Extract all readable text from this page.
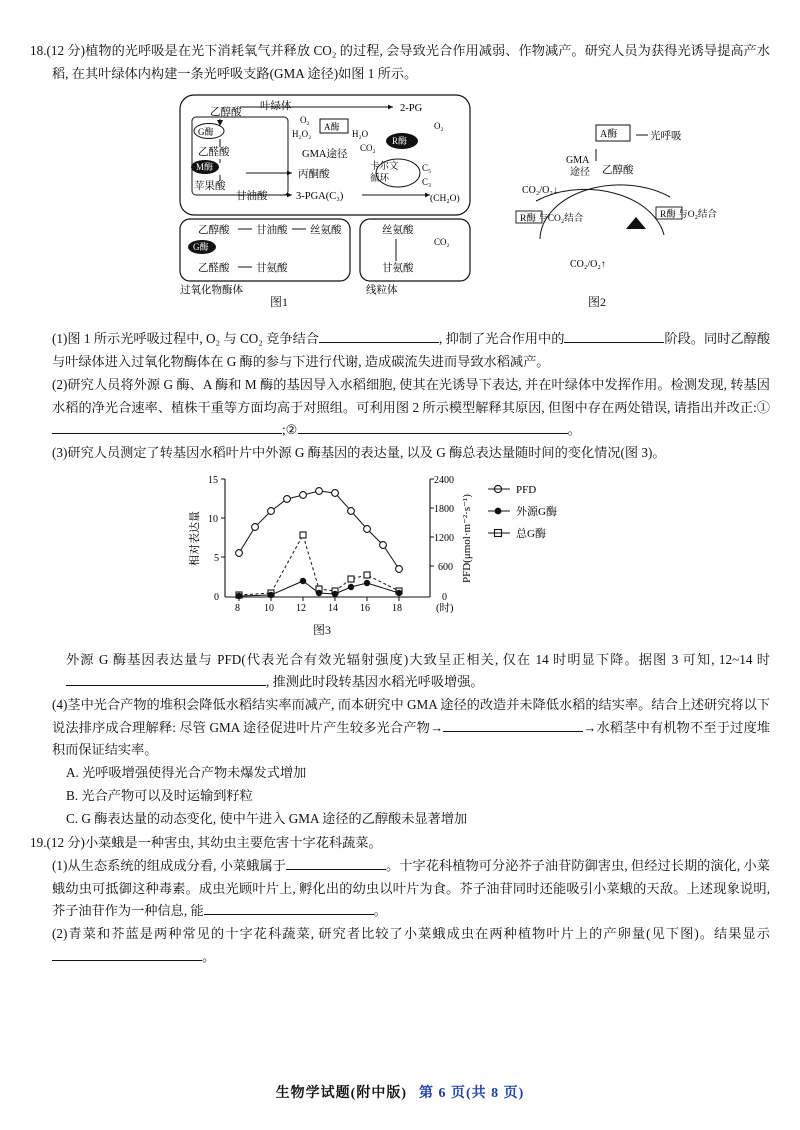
18.(12 分)植物的光呼吸是在光下消耗氧气并释放 CO₂ 的过程, 会导致光合作用减弱、作物减产。研究人员为获得光诱导提高产水稻, 在其叶绿体内构建一条光呼吸支路(GMA 途径)如图 1 所示。
叶绿体
乙醇酸
G酶
乙醛酸
M酶
苹果酸
2-PG
A酶
H₂O₂	H₂O
O₂
GMA途径
CO₂
R酶
O₂
丙酮酸
卡尔文
循环
C₅
C₃
甘油酸	3-PGA(C₃)	(CH₂O)
乙醇酸
G酶
乙醛酸
甘油酸
甘氨酸
丝氨酸
过氧化物酶体
丝氨酸
甘氨酸
CO₂
线粒体
A酶	光呼吸
GMA
途径 乙醇酸
CO₂/O₂↓
CO₂/O₂↑
R酶 与CO₂结合	R酶 与O₂结合
图1	图2
(1)图 1 所示光呼吸过程中, O₂ 与 CO₂ 竞争结合	, 抑制了光合作用中的	阶段。同时乙醇酸与叶绿体进入过氧化物酶体在 G 酶的参与下进行代谢, 造成碳流失进而导致水稻减产。
(2)研究人员将外源 G 酶、A 酶和 M 酶的基因导入水稻细胞, 使其在光诱导下表达, 并在叶绿体中发挥作用。检测发现, 转基因水稻的净光合速率、植株干重等方面均高于对照组。可利用图 2 所示模型解释其原因, 但图中存在两处错误, 请指出并改正:①;②	。
(3)研究人员测定了转基因水稻叶片中外源 G 酶基因的表达量, 以及 G 酶总表达量随时间的变化情况(图 3)。
15
10
5
0
2400
1800
1200
600
0
8 10 12 14 16 18	(时)
相对表达量	PFD(μmol·m⁻²·s⁻¹)
PFD
外源G酶
总G酶
图3
外源 G 酶基因表达量与 PFD(代表光合有效光辐射强度)大致呈正相关, 仅在 14 时明显下降。据图 3 可知, 12~14 时, 推测此时段转基因水稻光呼吸增强。
(4)茎中光合产物的堆积会降低水稻结实率而减产, 而本研究中 GMA 途径的改造并未降低水稻的结实率。结合上述研究将以下说法排序成合理解释: 尽管 GMA 途径促进叶片产生较多光合产物→	→水稻茎中有机物不至于过度堆积而保证结实率。
A. 光呼吸增强使得光合产物未爆发式增加
B. 光合产物可以及时运输到籽粒
C. G 酶表达量的动态变化, 使中午进入 GMA 途径的乙醇酸未显著增加
19.(12 分)小菜蛾是一种害虫, 其幼虫主要危害十字花科蔬菜。
(1)从生态系统的组成成分看, 小菜蛾属于	。十字花科植物可分泌芥子油苷防御害虫, 但经过长期的演化, 小菜蛾幼虫可抵御这种毒素。成虫光顾叶片上, 孵化出的幼虫以叶片为食。芥子油苷同时还能吸引小菜蛾的天敌。上述现象说明, 芥子油苷作为一种信息, 能	。
(2)青菜和芥蓝是两种常见的十字花科蔬菜, 研究者比较了小菜蛾成虫在两种植物叶片上的产卵量(见下图)。结果显示。
生物学试题(附中版) 第 6 页(共 8 页)
